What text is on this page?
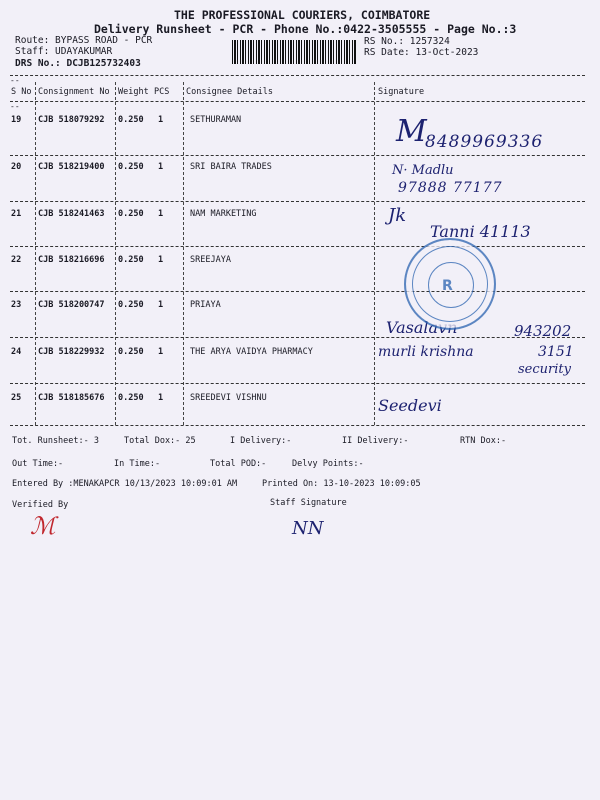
THE PROFESSIONAL COURIERS, COIMBATORE
Delivery Runsheet - PCR - Phone No.:0422-3505555 - Page No.:3
Route: BYPASS ROAD - PCR
Staff: UDAYAKUMAR
DRS No.: DCJB125732403
RS No.: 1257324
RS Date: 13-Oct-2023
--
--
S No Consignment No Weight PCS Consignee Details	Signature
19 CJB 518079292 0.250 1	SETHURAMAN	M
8489969336
20 CJB 518219400 0.250 1	SRI BAIRA TRADES	N· Madlu
97888 77177
21 CJB 518241463 0.250 1	NAM MARKETING	Jk
Tanni 41113
22 CJB 518216696 0.250 1	SREEJAYA
23 CJB 518200747 0.250 1	PRIAYA
Vasalavn	943202
24 CJB 518229932 0.250 1	THE ARYA VAIDYA PHARMACY	murli krishna	3151
security
25 CJB 518185676 0.250 1	SREEDEVI VISHNU	Seedevi
R
Tot. Runsheet:- 3	Total Dox:- 25	I Delivery:-	II Delivery:-	RTN Dox:-
Out Time:-	In Time:-	Total POD:-	Delvy Points:-
Entered By :MENAKAPCR 10/13/2023 10:09:01 AM	Printed On: 13-10-2023 10:09:05
Verified By	Staff Signature
ℳ	NN
